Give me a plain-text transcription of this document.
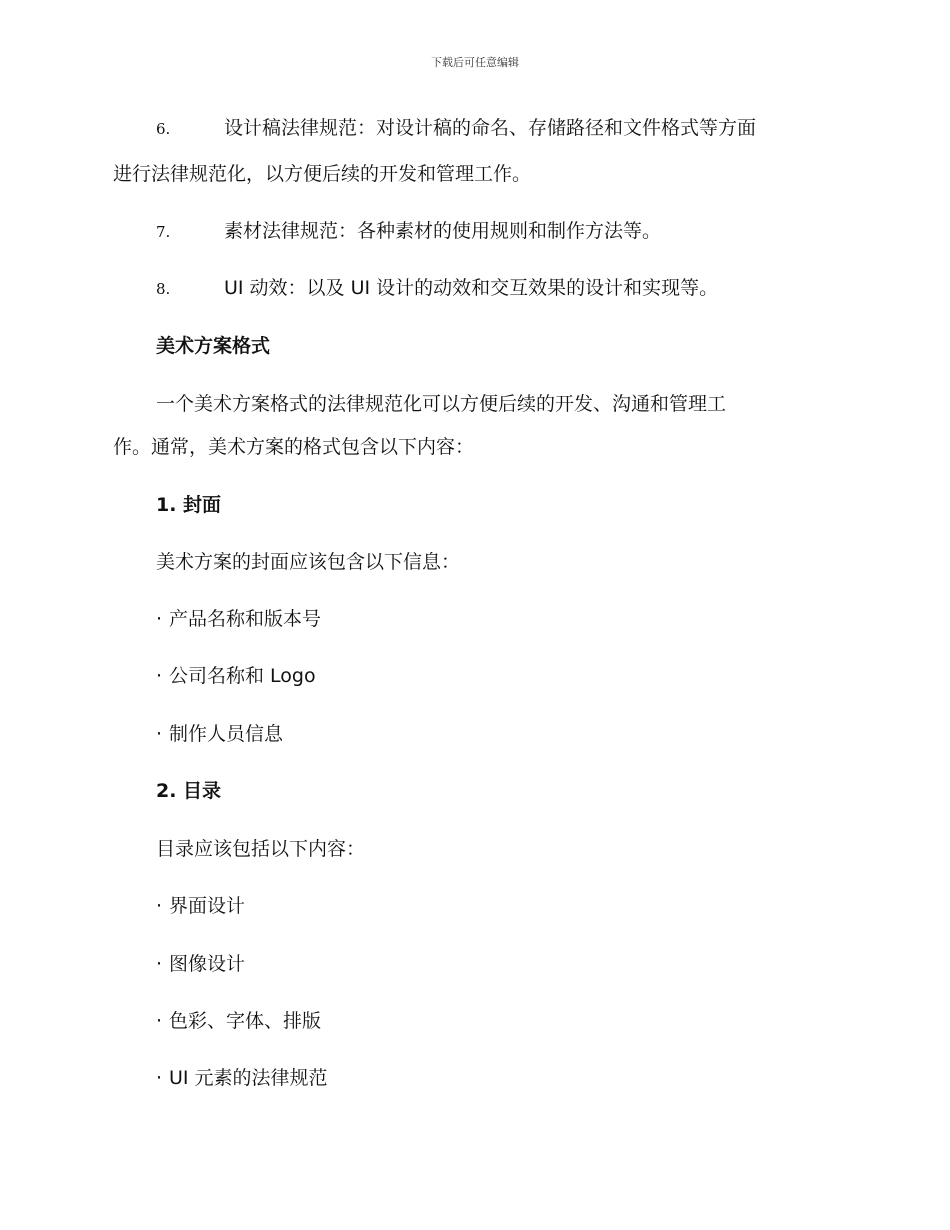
下载后可任意编辑
6.	设计稿法律规范：对设计稿的命名、存储路径和文件格式等方面
进行法律规范化，以方便后续的开发和管理工作。
7.	素材法律规范：各种素材的使用规则和制作方法等。
8.	UI 动效：以及 UI 设计的动效和交互效果的设计和实现等。
美术方案格式
一个美术方案格式的法律规范化可以方便后续的开发、沟通和管理工
作。通常，美术方案的格式包含以下内容：
1. 封面
美术方案的封面应该包含以下信息：
· 产品名称和版本号
· 公司名称和 Logo
· 制作人员信息
2. 目录
目录应该包括以下内容：
· 界面设计
· 图像设计
· 色彩、字体、排版
· UI 元素的法律规范
